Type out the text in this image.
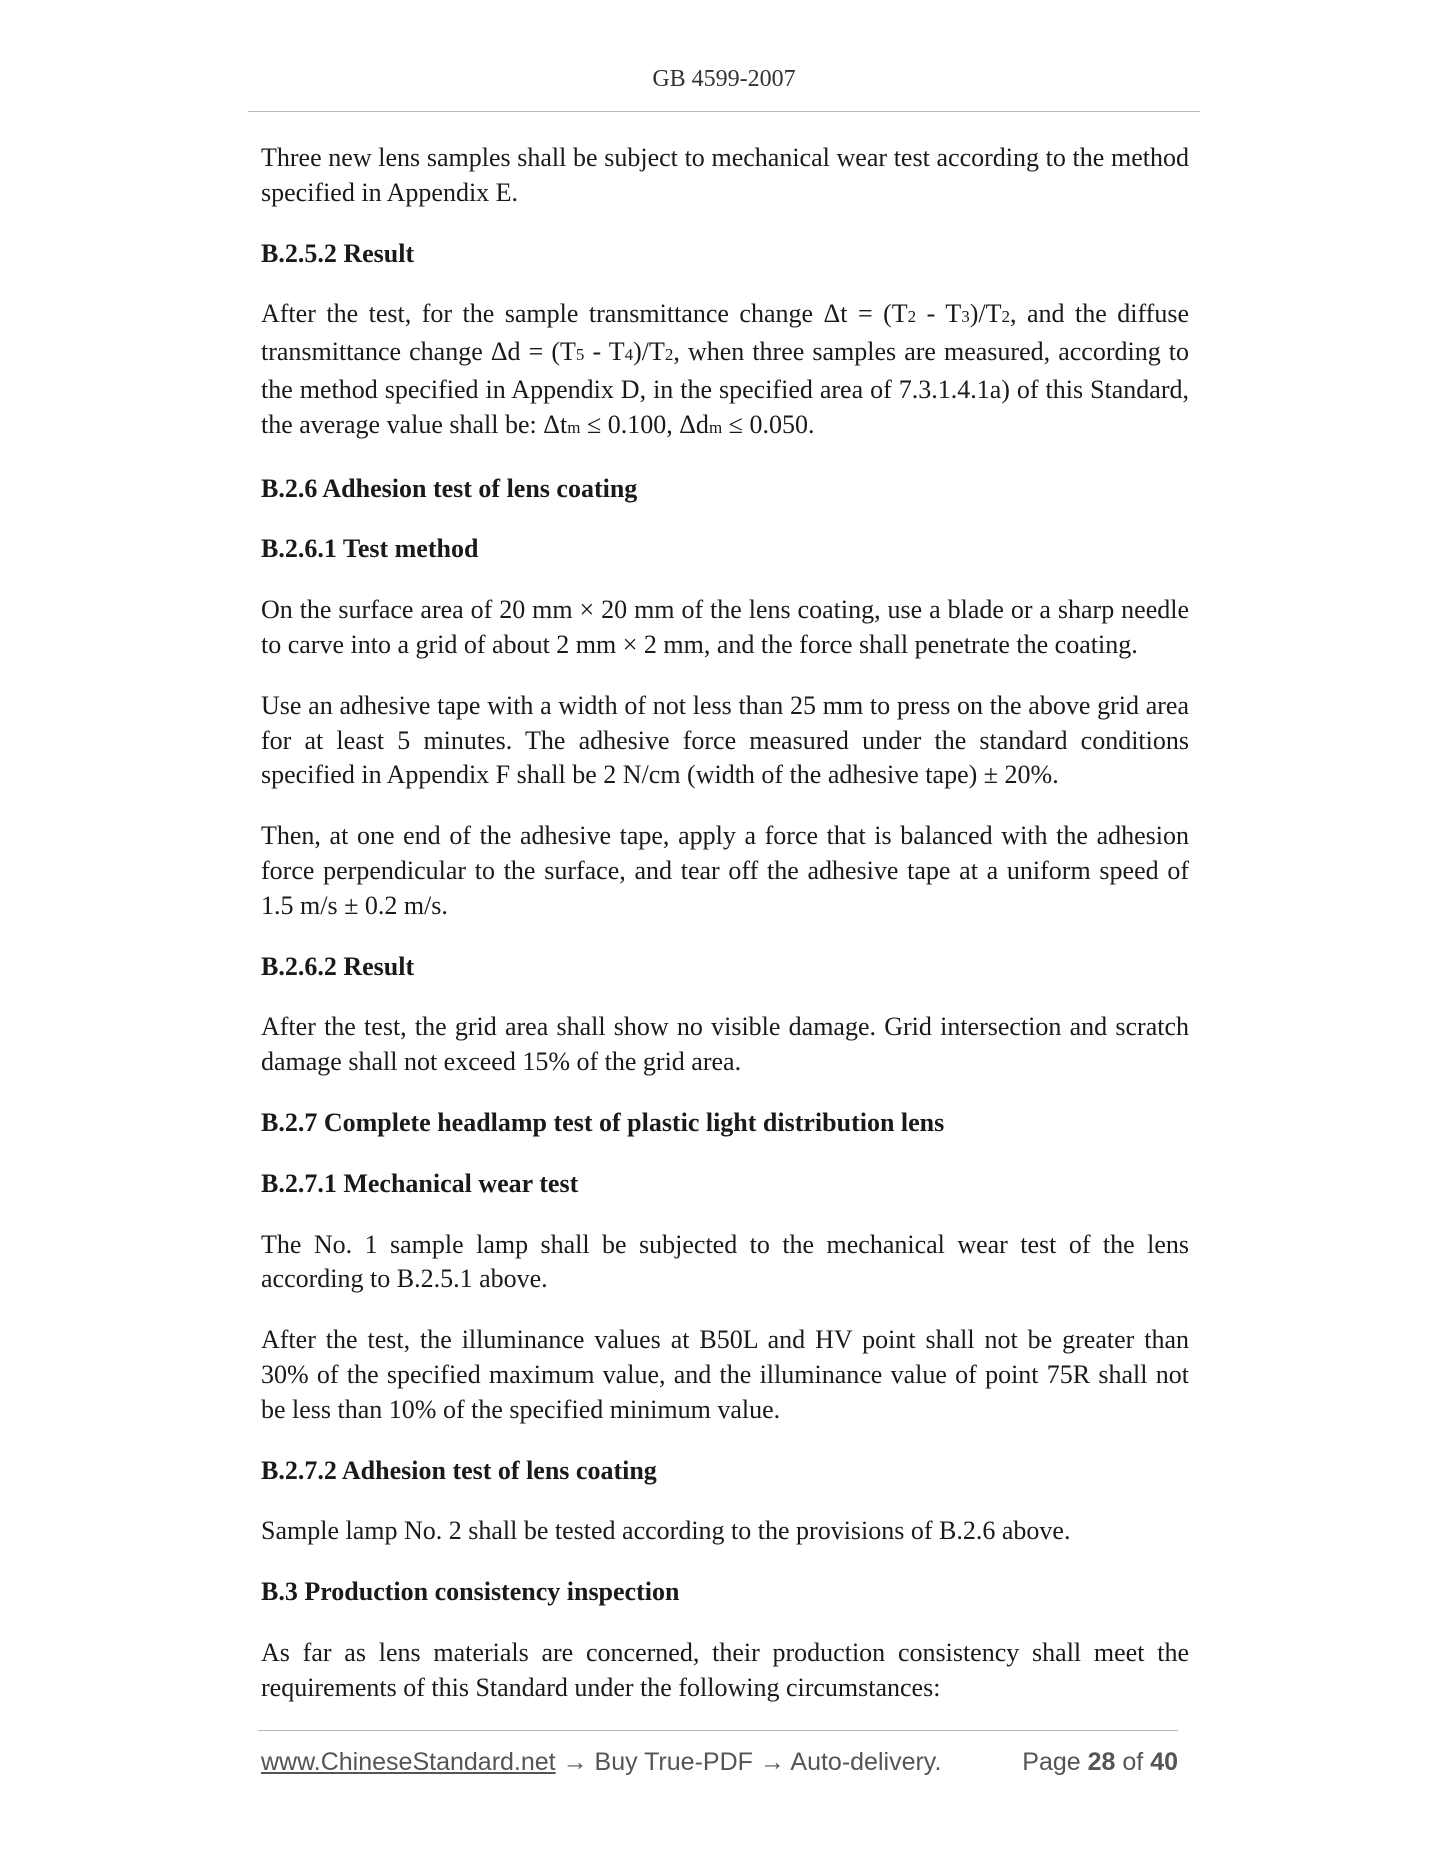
GB 4599-2007
Three new lens samples shall be subject to mechanical wear test according to the method specified in Appendix E.
B.2.5.2 Result
After the test, for the sample transmittance change Δt = (T2 - T3)/T2, and the diffuse transmittance change Δd = (T5 - T4)/T2, when three samples are measured, according to the method specified in Appendix D, in the specified area of 7.3.1.4.1a) of this Standard, the average value shall be: Δtm ≤ 0.100, Δdm ≤ 0.050.
B.2.6 Adhesion test of lens coating
B.2.6.1 Test method
On the surface area of 20 mm × 20 mm of the lens coating, use a blade or a sharp needle to carve into a grid of about 2 mm × 2 mm, and the force shall penetrate the coating.
Use an adhesive tape with a width of not less than 25 mm to press on the above grid area for at least 5 minutes. The adhesive force measured under the standard conditions specified in Appendix F shall be 2 N/cm (width of the adhesive tape) ± 20%.
Then, at one end of the adhesive tape, apply a force that is balanced with the adhesion force perpendicular to the surface, and tear off the adhesive tape at a uniform speed of 1.5 m/s ± 0.2 m/s.
B.2.6.2 Result
After the test, the grid area shall show no visible damage. Grid intersection and scratch damage shall not exceed 15% of the grid area.
B.2.7 Complete headlamp test of plastic light distribution lens
B.2.7.1 Mechanical wear test
The No. 1 sample lamp shall be subjected to the mechanical wear test of the lens according to B.2.5.1 above.
After the test, the illuminance values at B50L and HV point shall not be greater than 30% of the specified maximum value, and the illuminance value of point 75R shall not be less than 10% of the specified minimum value.
B.2.7.2 Adhesion test of lens coating
Sample lamp No. 2 shall be tested according to the provisions of B.2.6 above.
B.3 Production consistency inspection
As far as lens materials are concerned, their production consistency shall meet the requirements of this Standard under the following circumstances:
www.ChineseStandard.net → Buy True-PDF → Auto-delivery.	Page 28 of 40
